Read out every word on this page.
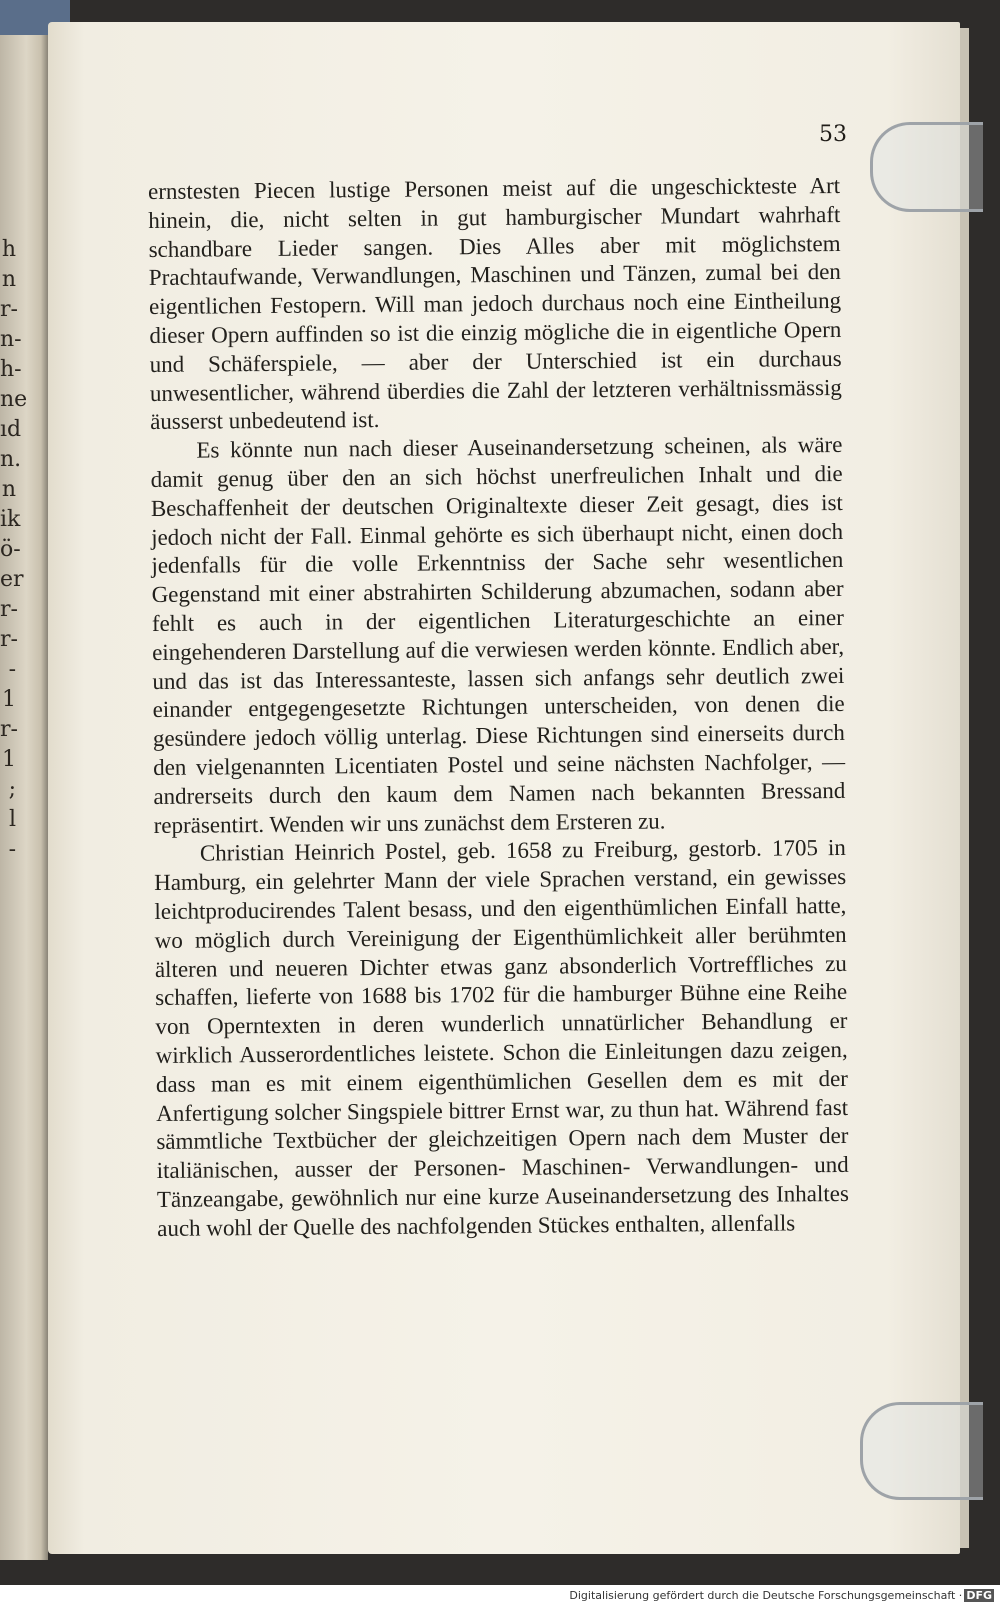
h n r- n- h- ne ıd n. n ik ö- er r- r- - 1 r- 1 ; l -

53

ernstesten Piecen lustige Personen meist auf die ungeschickteste Art hinein, die, nicht selten in gut hamburgischer Mundart wahrhaft schandbare Lieder sangen. Dies Alles aber mit möglichstem Prachtaufwande, Verwandlungen, Maschinen und Tänzen, zumal bei den eigentlichen Festopern. Will man jedoch durchaus noch eine Eintheilung dieser Opern auffinden so ist die einzig mögliche die in eigentliche Opern und Schäferspiele, — aber der Unterschied ist ein durchaus unwesentlicher, während überdies die Zahl der letzteren verhältnissmässig äusserst unbedeutend ist.

Es könnte nun nach dieser Auseinandersetzung scheinen, als wäre damit genug über den an sich höchst unerfreulichen Inhalt und die Beschaffenheit der deutschen Originaltexte dieser Zeit gesagt, dies ist jedoch nicht der Fall. Einmal gehörte es sich überhaupt nicht, einen doch jedenfalls für die volle Erkenntniss der Sache sehr wesentlichen Gegenstand mit einer abstrahirten Schilderung abzumachen, sodann aber fehlt es auch in der eigentlichen Literaturgeschichte an einer eingehenderen Darstellung auf die verwiesen werden könnte. Endlich aber, und das ist das Interessanteste, lassen sich anfangs sehr deutlich zwei einander entgegengesetzte Richtungen unterscheiden, von denen die gesündere jedoch völlig unterlag. Diese Richtungen sind einerseits durch den vielgenannten Licentiaten Postel und seine nächsten Nachfolger, — andrerseits durch den kaum dem Namen nach bekannten Bressand repräsentirt. Wenden wir uns zunächst dem Ersteren zu.

Christian Heinrich Postel, geb. 1658 zu Freiburg, gestorb. 1705 in Hamburg, ein gelehrter Mann der viele Sprachen verstand, ein gewisses leichtproducirendes Talent besass, und den eigenthümlichen Einfall hatte, wo möglich durch Vereinigung der Eigenthümlichkeit aller berühmten älteren und neueren Dichter etwas ganz absonderlich Vortreffliches zu schaffen, lieferte von 1688 bis 1702 für die hamburger Bühne eine Reihe von Operntexten in deren wunderlich unnatürlicher Behandlung er wirklich Ausserordentliches leistete. Schon die Einleitungen dazu zeigen, dass man es mit einem eigenthümlichen Gesellen dem es mit der Anfertigung solcher Singspiele bittrer Ernst war, zu thun hat. Während fast sämmtliche Textbücher der gleichzeitigen Opern nach dem Muster der italiänischen, ausser der Personen- Maschinen- Verwandlungen- und Tänzeangabe, gewöhnlich nur eine kurze Auseinandersetzung des Inhaltes auch wohl der Quelle des nachfolgenden Stückes enthalten, allenfalls

Digitalisierung gefördert durch die Deutsche Forschungsgemeinschaft · DFG
